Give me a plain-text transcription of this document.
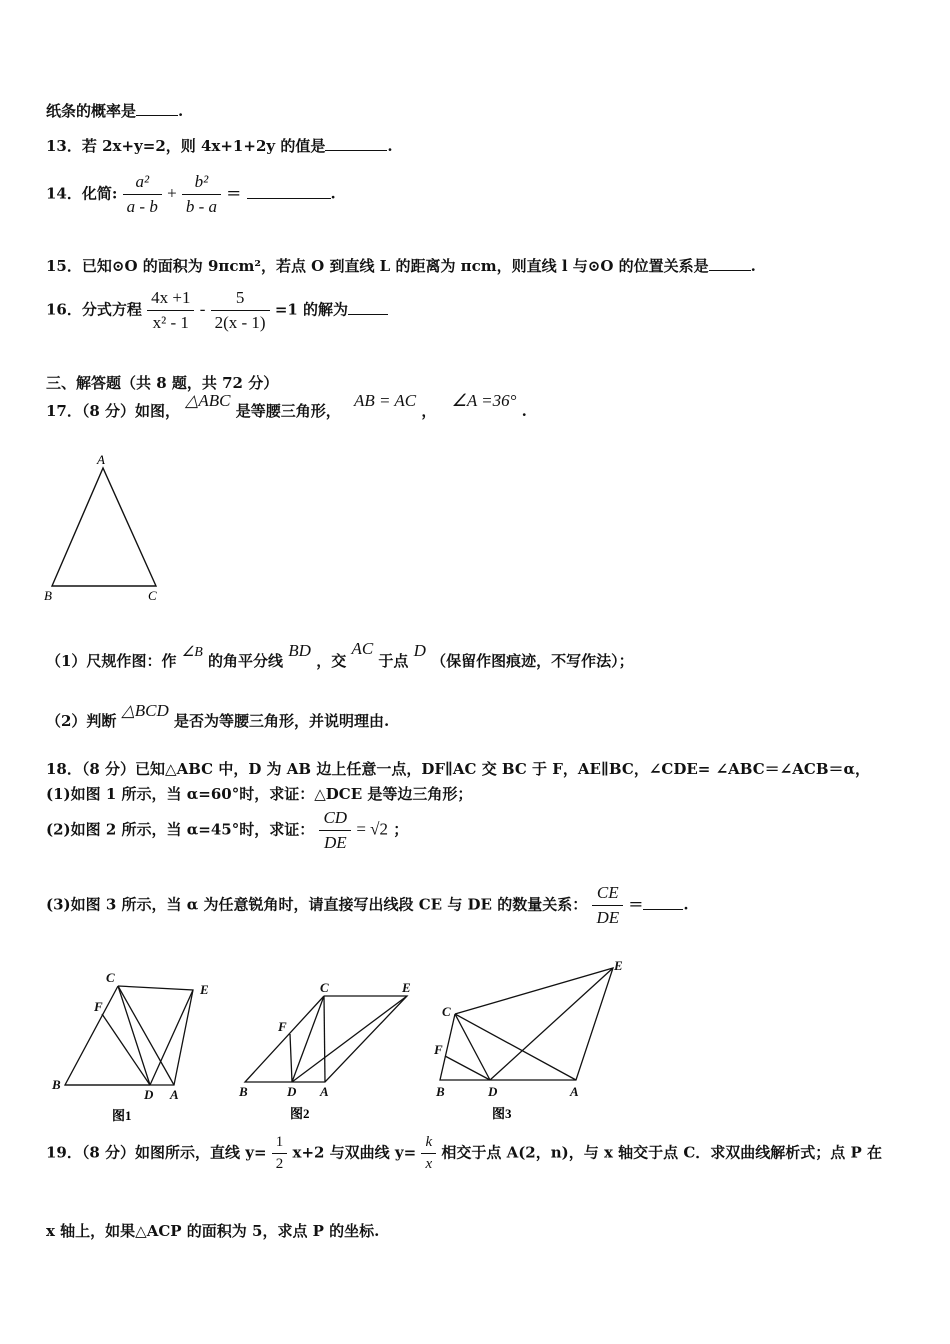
纸条的概率是	.
13．若 2x+y=2，则 4x+1+2y 的值是	.
14．化简: $\frac{\text{a²}}{a - b} + \frac{\text{b²}}{b - a}$ ＝	.
15．已知⊙O 的面积为 9πcm²，若点 O 到直线 L 的距离为 πcm，则直线 l 与⊙O 的位置关系是	.
16．分式方程 $\frac{4x +1}{\text{x² - 1}} - \frac{5}{2(x - 1)} =1$ 的解为
三、解答题（共 8 题，共 72 分）
17．（8 分）如图， △ABC 是等腰三角形， AB = AC ， ∠A =36° .
A
B	C
（1）尺规作图：作 ∠B 的角平分线 BD ，交 AC 于点 D （保留作图痕迹，不写作法）；
（2）判断 △BCD 是否为等腰三角形，并说明理由.
18．（8 分）已知△ABC 中，D 为 AB 边上任意一点，DF∥AC 交 BC 于 F，AE∥BC，∠CDE= ∠ABC＝∠ACB＝α，
(1)如图 1 所示，当 α=60°时，求证：△DCE 是等边三角形；
(2)如图 2 所示，当 α=45°时，求证： $\frac{CD}{DE} = √2$ ；
(3)如图 3 所示，当 α 为任意锐角时，请直接写出线段 CE 与 DE 的数量关系： $\frac{CE}{DE}$ ＝	.
C
E
F
B
D A
图1
C	E
F
B	D A
图2
E
C
F
B	D	A
图3
19．（8 分）如图所示，直线 $y= \frac{1}{2} x+2$ 与双曲线 $y= \frac{k}{x}$ 相交于点 A(2，n)，与 x 轴交于点 C．求双曲线解析式；点 P 在
x 轴上，如果△ACP 的面积为 5，求点 P 的坐标.
